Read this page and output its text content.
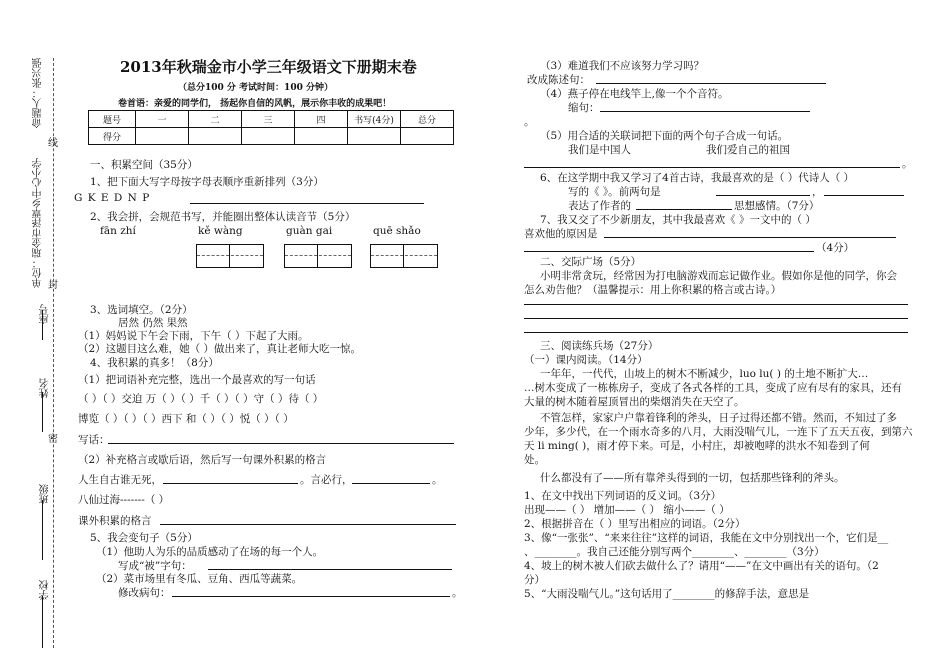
命题人：张兴强
单位：瑞金市泽覃乡中心小学
座号
姓名
班级
学校
线
封
密
2013年秋瑞金市小学三年级语文下册期末卷
（总分100 分 考试时间：100 分钟）
卷首语：亲爱的同学们， 扬起你自信的风帆，展示你丰收的成果吧！
题号	一	二	三	四	书写(4分)	总分
得分						
一、积累空间（35分）
1、把下面大写字母按字母表顺序重新排列（3分）
G K E D N P
2、我会拼，会规范书写，并能圈出整体认读音节（5分）
fān zhí	kě wàng	guàn gai	quē shǎo
3、选词填空。（2分）
居然 仍然 果然
（1）妈妈说下午会下雨，下午（ ）下起了大雨。
（2）这题目这么难，她（ ）做出来了，真让老师大吃一惊。
4、我积累的真多！（8分）
（1）把词语补充完整，选出一个最喜欢的写一句话
（ ）（ ）交迫 万（ ）（ ）千（ ）（ ）守（ ）待（ ）
博览（ ）（ ）（ ）西下 和（ ）（ ）悦（ ）（ ）
写话：
（2）补充格言或歇后语，然后写一句课外积累的格言
人生自古谁无死，	。言必行，	。
八仙过海-------（ ）
课外积累的格言
5、我会变句子（5分）
（1）他助人为乐的品质感动了在场的每一个人。
写成“被”字句：
（2）菜市场里有冬瓜、豆角、西瓜等蔬菜。
修改病句：	。
（3）难道我们不应该努力学习吗？
改成陈述句：
（4）燕子停在电线竿上,像一个个音符。
缩句：
。
（5）用合适的关联词把下面的两个句子合成一句话。
我们是中国人	我们爱自己的祖国
。
6、在这学期中我又学习了4首古诗，我最喜欢的是（ ）代诗人（ ）
写的《 》。前两句是	，
表达了作者的	思想感情。（7分）
7、我又交了不少新朋友，其中我最喜欢《 》一文中的（ ）
喜欢他的原因是
（4分）
二、交际广场（5分）
小明非常贪玩，经常因为打电脑游戏而忘记做作业。假如你是他的同学，你会
怎么劝告他？（温馨提示：用上你积累的格言或古诗。）
三、阅读练兵场（27分）
（一）课内阅读。（14分）
一年年，一代代，山坡上的树木不断减少，luo lu( ) 的土地不断扩大…
…树木变成了一栋栋房子，变成了各式各样的工具，变成了应有尽有的家具，还有
大量的树木随着屋顶冒出的柴烟消失在天空了。
不管怎样，家家户户靠着锋利的斧头，日子过得还都不错。然而，不知过了多
少年，多少代，在一个雨水奇多的八月，大雨没喘气儿，一连下了五天五夜，到第六
天 li ming( )，雨才停下来。可是，小村庄，却被咆哮的洪水不知卷到了何
处。
什么都没有了——所有靠斧头得到的一切，包括那些锋利的斧头。
1、在文中找出下列词语的反义词。（3分）
出现——（ ） 增加——（ ） 缩小——（ ）
2、根据拼音在（ ）里写出相应的词语。（2分）
3、像“一张张”、“来来往往”这样的词语，我能在文中分别找出一个，它们是__
、________。我自己还能分别写两个________、________（3分）
4、坡上的树木被人们砍去做什么了？请用“——”在文中画出有关的语句。（2
分）
5、“大雨没喘气儿。”这句话用了________的修辞手法，意思是
